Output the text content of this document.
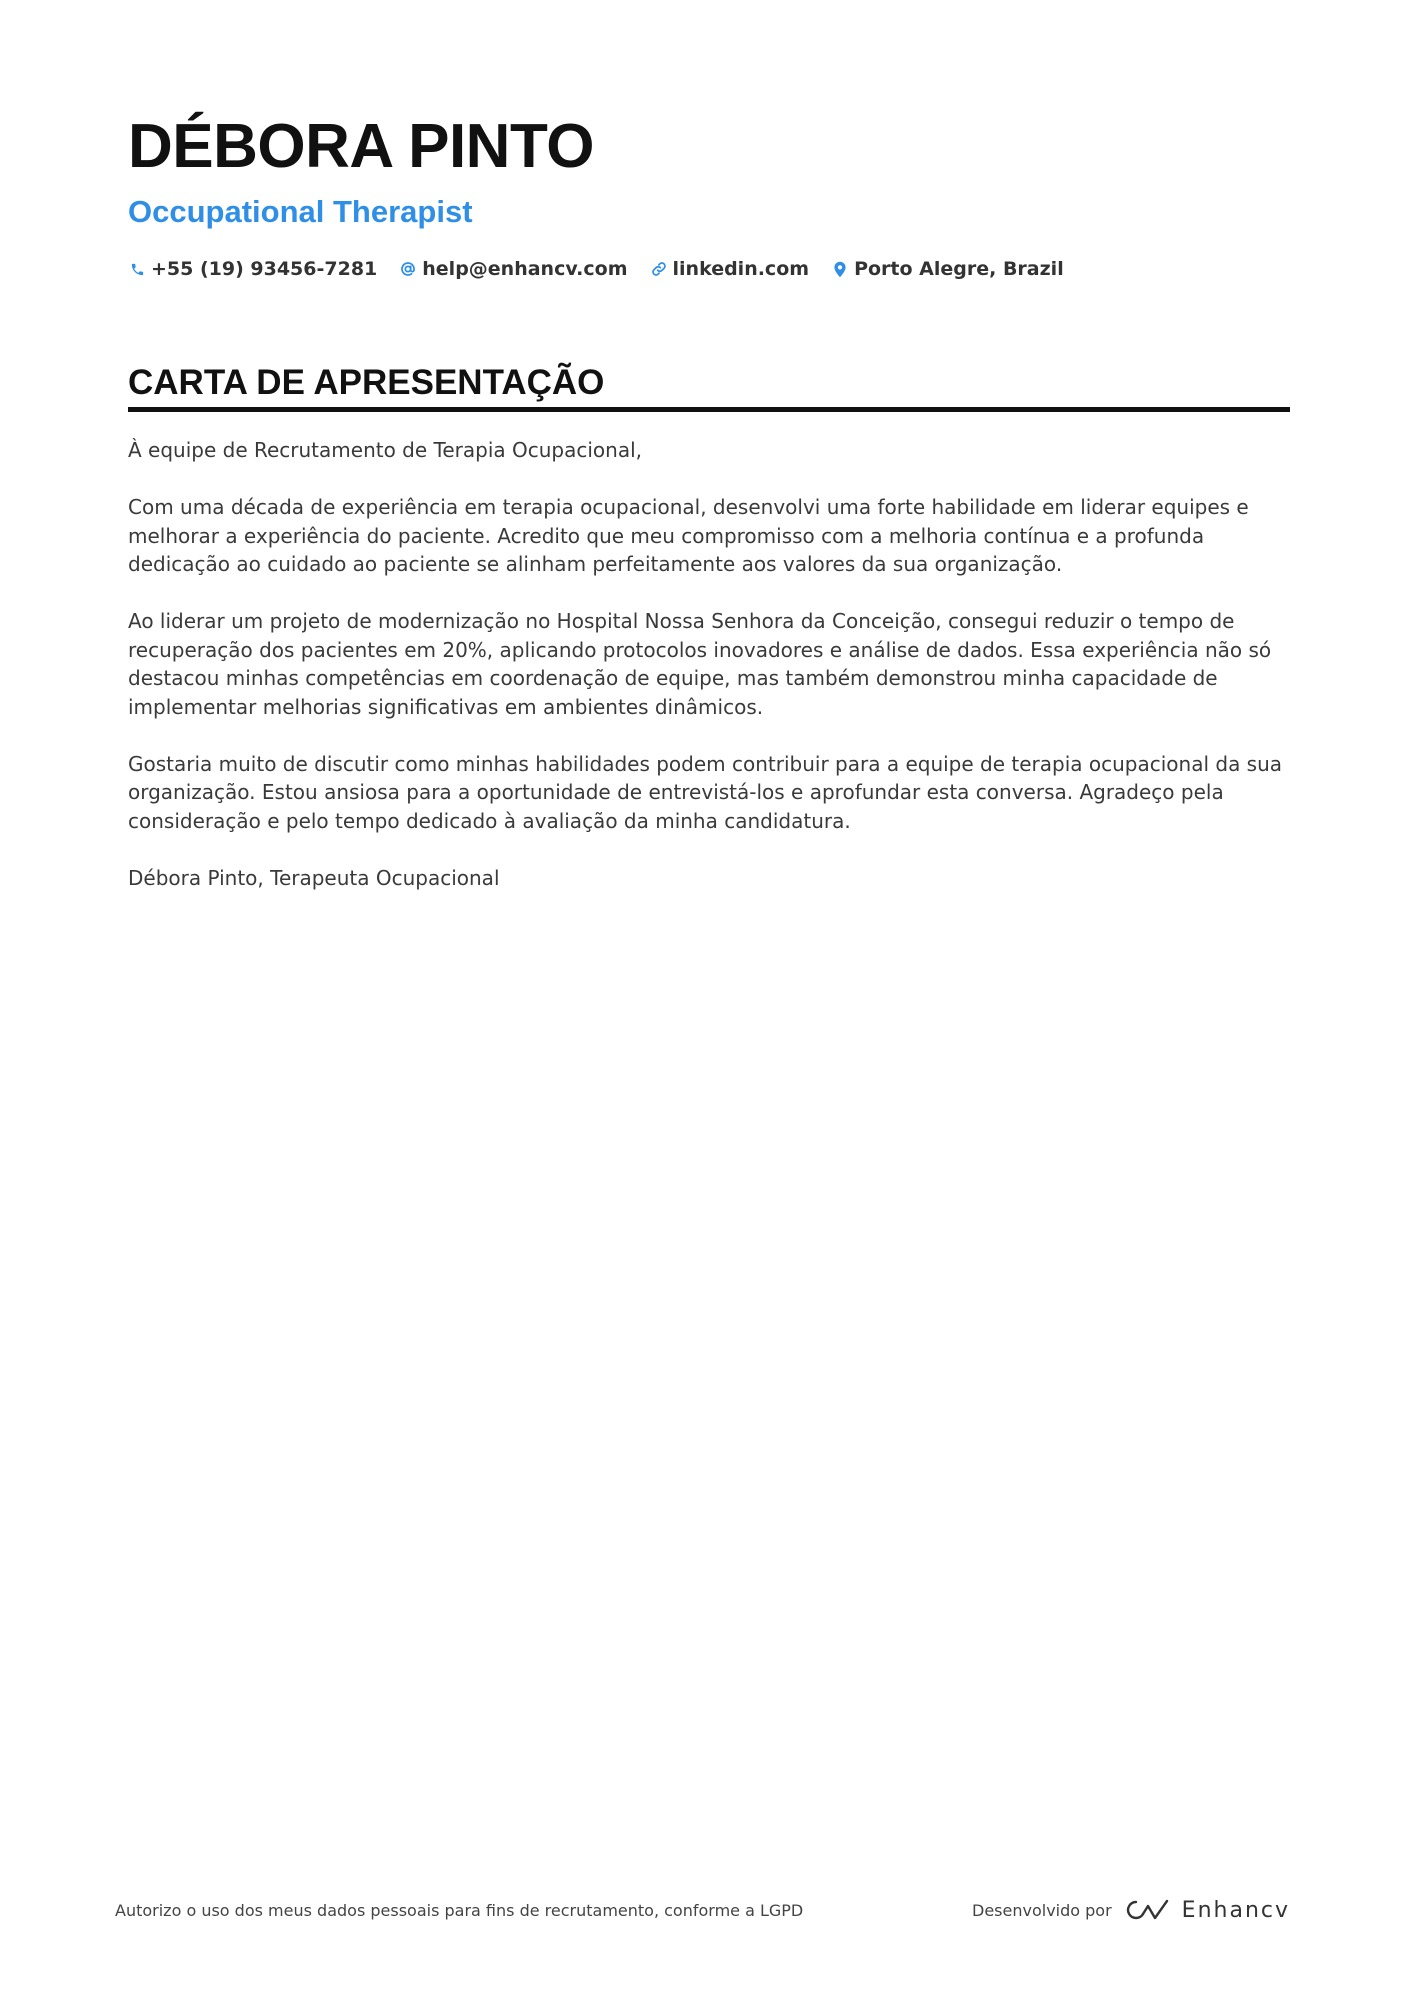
DÉBORA PINTO
Occupational Therapist
+55 (19) 93456-7281 help@enhancv.com linkedin.com Porto Alegre, Brazil
CARTA DE APRESENTAÇÃO

À equipe de Recrutamento de Terapia Ocupacional,

Com uma década de experiência em terapia ocupacional, desenvolvi uma forte habilidade em liderar equipes e melhorar a experiência do paciente. Acredito que meu compromisso com a melhoria contínua e a profunda dedicação ao cuidado ao paciente se alinham perfeitamente aos valores da sua organização.

Ao liderar um projeto de modernização no Hospital Nossa Senhora da Conceição, consegui reduzir o tempo de recuperação dos pacientes em 20%, aplicando protocolos inovadores e análise de dados. Essa experiência não só destacou minhas competências em coordenação de equipe, mas também demonstrou minha capacidade de implementar melhorias significativas em ambientes dinâmicos.

Gostaria muito de discutir como minhas habilidades podem contribuir para a equipe de terapia ocupacional da sua organização. Estou ansiosa para a oportunidade de entrevistá-los e aprofundar esta conversa. Agradeço pela consideração e pelo tempo dedicado à avaliação da minha candidatura.

Débora Pinto, Terapeuta Ocupacional

Autorizo o uso dos meus dados pessoais para fins de recrutamento, conforme a LGPD	Desenvolvido por	Enhancv
